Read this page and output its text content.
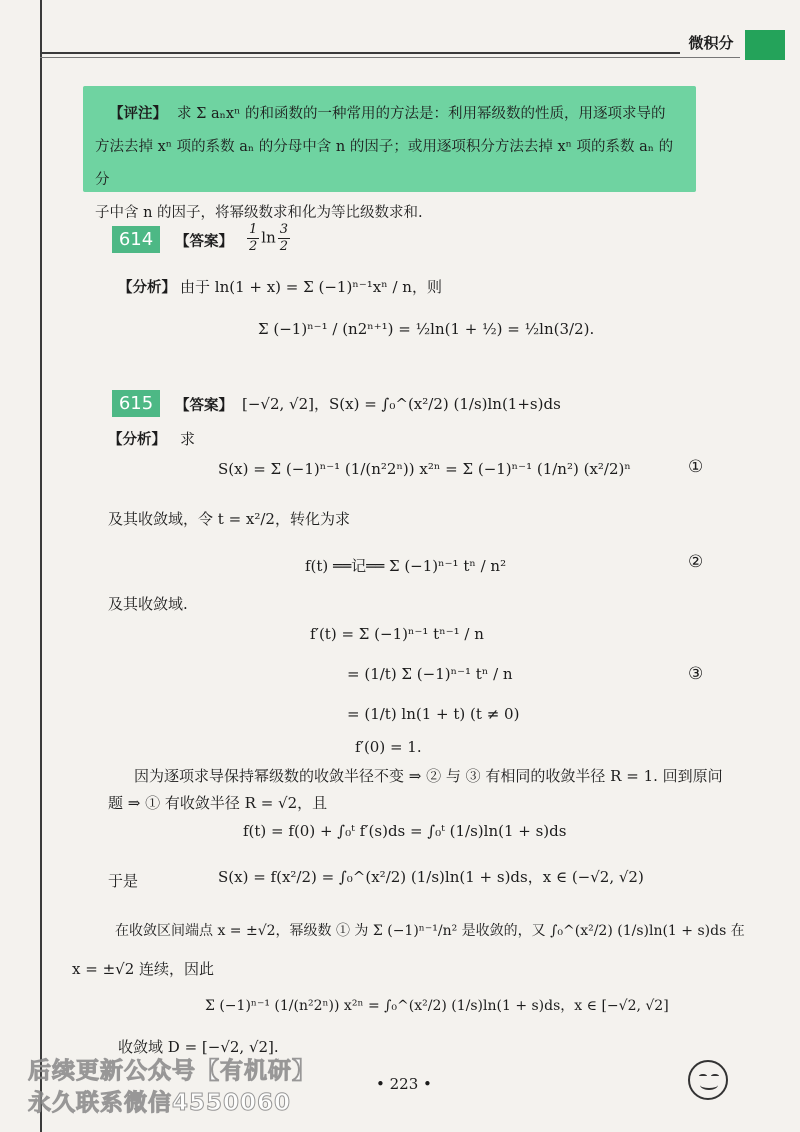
微积分
【评注】 求 Σ aₙxⁿ 的和函数的一种常用的方法是：利用幂级数的性质，用逐项求导的
方法去掉 xⁿ 项的系数 aₙ 的分母中含 n 的因子；或用逐项积分方法去掉 xⁿ 项的系数 aₙ 的分
子中含 n 的因子，将幂级数求和化为等比级数求和.
614	【答案】 $\frac{1}{2}$ $\ln \frac{3}{2}$
【分析】 由于 ln(1 + x) = Σ (−1)ⁿ⁻¹xⁿ / n，则
Σ (−1)ⁿ⁻¹ / (n2ⁿ⁺¹) = ½ln(1 + ½) = ½ln(3/2).
615	【答案】 [−√2, √2]，S(x) = ∫₀^(x²/2) (1/s)ln(1+s)ds
【分析】 求
S(x) = Σ (−1)ⁿ⁻¹ (1/(n²2ⁿ)) x²ⁿ = Σ (−1)ⁿ⁻¹ (1/n²) (x²/2)ⁿ	①
及其收敛域，令 t = x²/2，转化为求
f(t) ══记══ Σ (−1)ⁿ⁻¹ tⁿ / n²	②
及其收敛域.
f′(t) = Σ (−1)ⁿ⁻¹ tⁿ⁻¹ / n
= (1/t) Σ (−1)ⁿ⁻¹ tⁿ / n	③
= (1/t) ln(1 + t) (t ≠ 0)
f′(0) = 1.
因为逐项求导保持幂级数的收敛半径不变 ⇒ ② 与 ③ 有相同的收敛半径 R = 1. 回到原问
题 ⇒ ① 有收敛半径 R = √2，且
f(t) = f(0) + ∫₀ᵗ f′(s)ds = ∫₀ᵗ (1/s)ln(1 + s)ds
于是	S(x) = f(x²/2) = ∫₀^(x²/2) (1/s)ln(1 + s)ds，x ∈ (−√2, √2)
在收敛区间端点 x = ±√2，幂级数 ① 为 Σ (−1)ⁿ⁻¹/n² 是收敛的，又 ∫₀^(x²/2) (1/s)ln(1 + s)ds 在
x = ±√2 连续，因此
Σ (−1)ⁿ⁻¹ (1/(n²2ⁿ)) x²ⁿ = ∫₀^(x²/2) (1/s)ln(1 + s)ds，x ∈ [−√2, √2]
收敛域 D = [−√2, √2].
• 223 •
后续更新公众号【有机研】
永久联系微信4550060
